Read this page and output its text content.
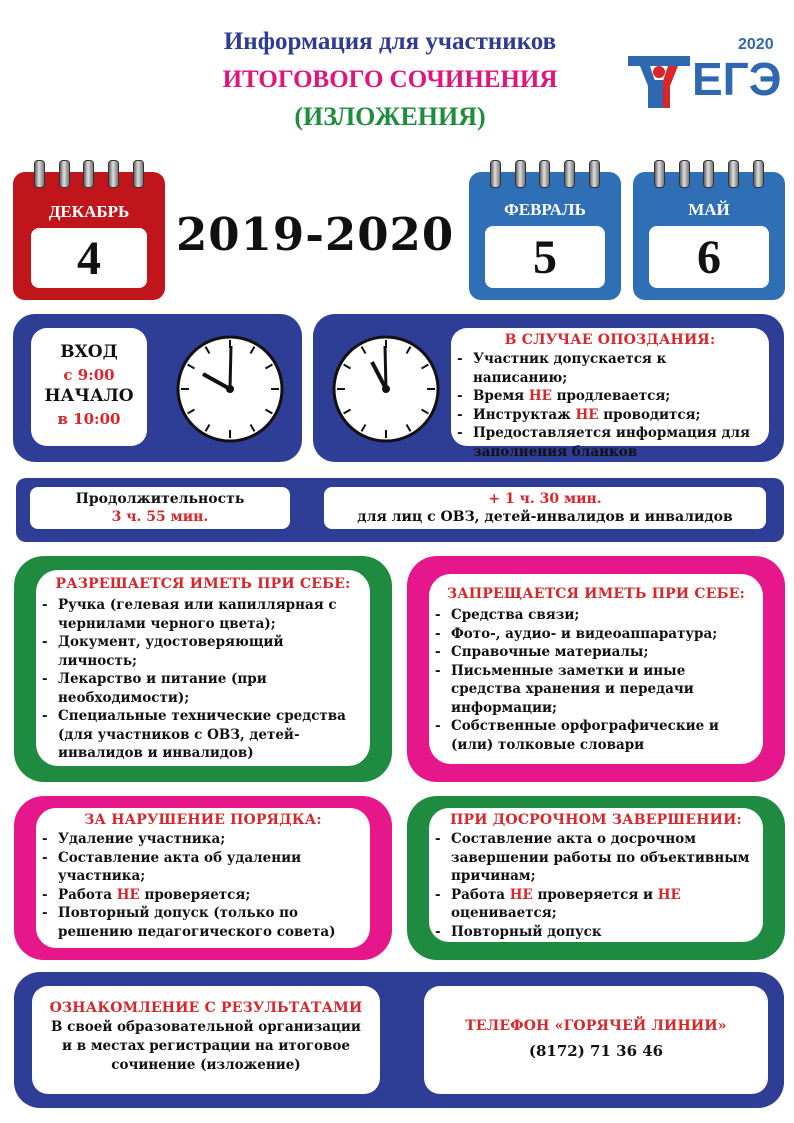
Информация для участников
ИТОГОВОГО СОЧИНЕНИЯ
(ИЗЛОЖЕНИЯ)
2020
ЕГЭ
ДЕКАБРЬ
4	2019-2020	ФЕВРАЛЬ
5
МАЙ
6
ВХОД
с 9:00
НАЧАЛО
в 10:00
В СЛУЧАЕ ОПОЗДАНИЯ:
- Участник допускается к написанию;
- Время НЕ продлевается;
- Инструктаж НЕ проводится;
- Предоставляется информация для заполнения бланков
Продолжительность
3 ч. 55 мин.
+ 1 ч. 30 мин.
для лиц с ОВЗ, детей-инвалидов и инвалидов
РАЗРЕШАЕТСЯ ИМЕТЬ ПРИ СЕБЕ:
- Ручка (гелевая или капиллярная с чернилами черного цвета);
- Документ, удостоверяющий личность;
- Лекарство и питание (при необходимости);
- Специальные технические средства (для участников с ОВЗ, детей-инвалидов и инвалидов)
ЗАПРЕЩАЕТСЯ ИМЕТЬ ПРИ СЕБЕ:
- Средства связи;
- Фото-, аудио- и видеоаппаратура;
- Справочные материалы;
- Письменные заметки и иные средства хранения и передачи информации;
- Собственные орфографические и (или) толковые словари
ЗА НАРУШЕНИЕ ПОРЯДКА:
- Удаление участника;
- Составление акта об удалении участника;
- Работа НЕ проверяется;
- Повторный допуск (только по решению педагогического совета)
ПРИ ДОСРОЧНОМ ЗАВЕРШЕНИИ:
- Составление акта о досрочном завершении работы по объективным причинам;
- Работа НЕ проверяется и НЕ оценивается;
- Повторный допуск
ОЗНАКОМЛЕНИЕ С РЕЗУЛЬТАТАМИ
В своей образовательной организации и в местах регистрации на итоговое сочинение (изложение)
ТЕЛЕФОН «ГОРЯЧЕЙ ЛИНИИ»
(8172) 71 36 46
